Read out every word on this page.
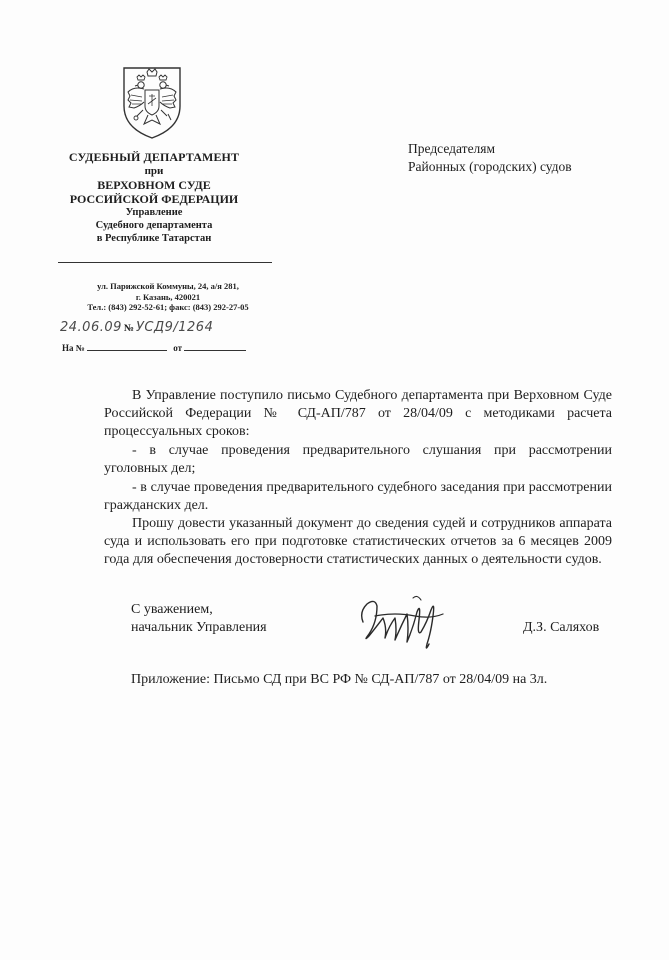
СУДЕБНЫЙ ДЕПАРТАМЕНТ
при
ВЕРХОВНОМ СУДЕ
РОССИЙСКОЙ ФЕДЕРАЦИИ
Управление
Судебного департамента
в Республике Татарстан
ул. Парижской Коммуны, 24, а/я 281,
г. Казань, 420021
Тел.: (843) 292-52-61; факс: (843) 292-27-05
24.06.09 № УСД9/1264
На №	от
Председателям
Районных (городских) судов

В Управление поступило письмо Судебного департамента при Верховном Суде Российской Федерации № СД-АП/787 от 28/04/09 с методиками расчета процессуальных сроков:

- в случае проведения предварительного слушания при рассмотрении уголовных дел;

- в случае проведения предварительного судебного заседания при рассмотрении гражданских дел.

Прошу довести указанный документ до сведения судей и сотрудников аппарата суда и использовать его при подготовке статистических отчетов за 6 месяцев 2009 года для обеспечения достоверности статистических данных о деятельности судов.

С уважением,
начальник Управления	Д.З. Саляхов
Приложение: Письмо СД при ВС РФ № СД-АП/787 от 28/04/09 на 3л.
